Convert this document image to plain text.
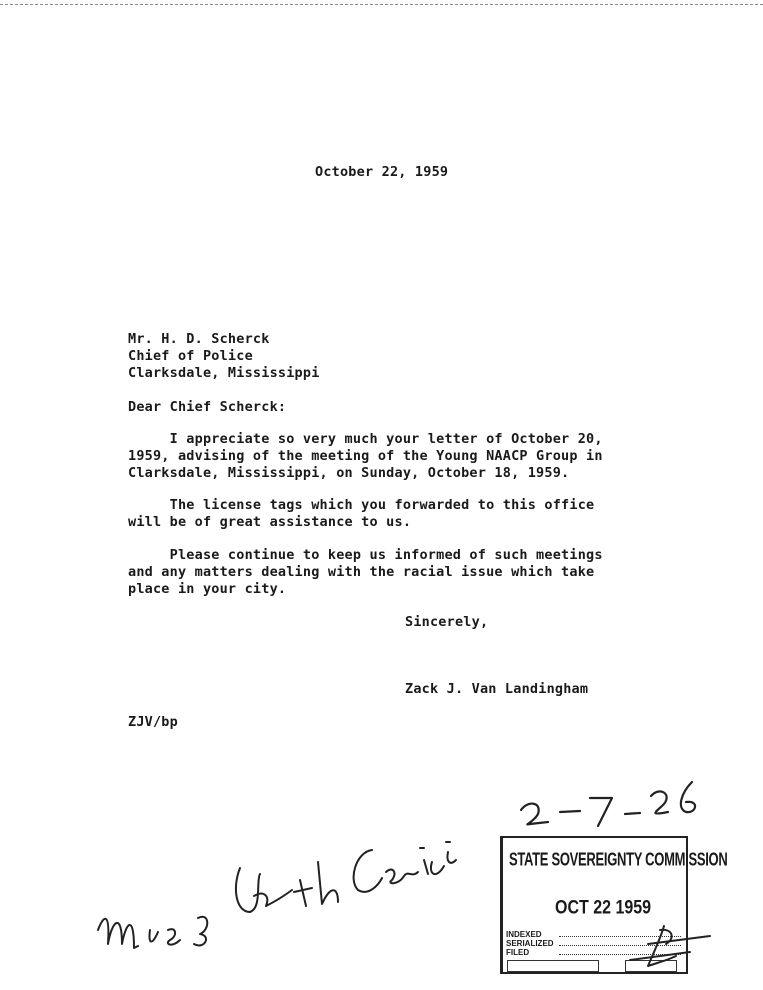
October 22, 1959
Mr. H. D. Scherck
Chief of Police
Clarksdale, Mississippi
Dear Chief Scherck:
I appreciate so very much your letter of October 20,
1959, advising of the meeting of the Young NAACP Group in
Clarksdale, Mississippi, on Sunday, October 18, 1959.
The license tags which you forwarded to this office
will be of great assistance to us.
Please continue to keep us informed of such meetings
and any matters dealing with the racial issue which take
place in your city.
Sincerely,
Zack J. Van Landingham
ZJV/bp
STATE SOVEREIGNTY COMMISSION
OCT 22 1959
INDEXED
SERIALIZED
FILED
